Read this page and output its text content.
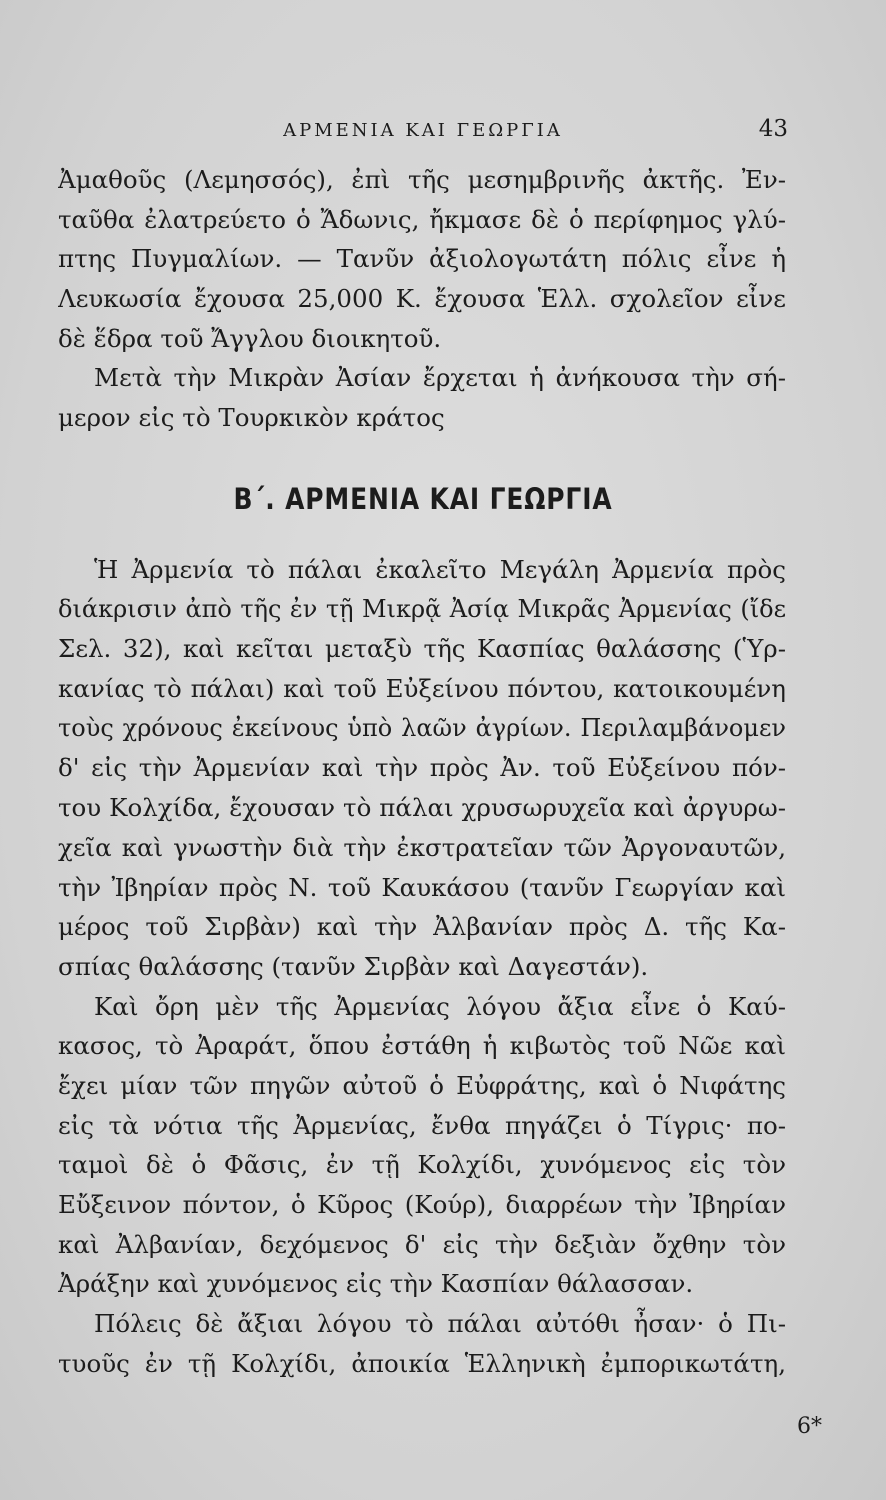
ΑΡΜΕΝΙΑ ΚΑΙ ΓΕΩΡΓΙΑ	43
Ἀμαθοῦς (Λεμησσός), ἐπὶ τῆς μεσημβρινῆς ἀκτῆς. Ἐν-
ταῦθα ἐλατρεύετο ὁ Ἄδωνις, ἤκμασε δὲ ὁ περίφημος γλύ-
πτης Πυγμαλίων. — Τανῦν ἀξιολογωτάτη πόλις εἶνε ἡ
Λευκωσία ἔχουσα 25,000 Κ. ἔχουσα Ἑλλ. σχολεῖον εἶνε
δὲ ἕδρα τοῦ Ἄγγλου διοικητοῦ.
Μετὰ τὴν Μικρὰν Ἀσίαν ἔρχεται ἡ ἀνήκουσα τὴν σή-
μερον εἰς τὸ Τουρκικὸν κράτος
Β΄. ΑΡΜΕΝΙΑ ΚΑΙ ΓΕΩΡΓΙΑ
Ἡ Ἀρμενία τὸ πάλαι ἐκαλεῖτο Μεγάλη Ἀρμενία πρὸς
διάκρισιν ἀπὸ τῆς ἐν τῇ Μικρᾷ Ἀσίᾳ Μικρᾶς Ἀρμενίας (ἴδε
Σελ. 32), καὶ κεῖται μεταξὺ τῆς Κασπίας θαλάσσης (Ὑρ-
κανίας τὸ πάλαι) καὶ τοῦ Εὐξείνου πόντου, κατοικουμένη
τοὺς χρόνους ἐκείνους ὑπὸ λαῶν ἀγρίων. Περιλαμβάνομεν
δ' εἰς τὴν Ἀρμενίαν καὶ τὴν πρὸς Ἀν. τοῦ Εὐξείνου πόν-
του Κολχίδα, ἔχουσαν τὸ πάλαι χρυσωρυχεῖα καὶ ἀργυρω-
χεῖα καὶ γνωστὴν διὰ τὴν ἐκστρατεῖαν τῶν Ἀργοναυτῶν,
τὴν Ἰβηρίαν πρὸς Ν. τοῦ Καυκάσου (τανῦν Γεωργίαν καὶ
μέρος τοῦ Σιρβὰν) καὶ τὴν Ἀλβανίαν πρὸς Δ. τῆς Κα-
σπίας θαλάσσης (τανῦν Σιρβὰν καὶ Δαγεστάν).
Καὶ ὄρη μὲν τῆς Ἀρμενίας λόγου ἄξια εἶνε ὁ Καύ-
κασος, τὸ Ἀραράτ, ὅπου ἐστάθη ἡ κιβωτὸς τοῦ Νῶε καὶ
ἔχει μίαν τῶν πηγῶν αὐτοῦ ὁ Εὐφράτης, καὶ ὁ Νιφάτης
εἰς τὰ νότια τῆς Ἀρμενίας, ἔνθα πηγάζει ὁ Τίγρις· πο-
ταμοὶ δὲ ὁ Φᾶσις, ἐν τῇ Κολχίδι, χυνόμενος εἰς τὸν
Εὔξεινον πόντον, ὁ Κῦρος (Κούρ), διαρρέων τὴν Ἰβηρίαν
καὶ Ἀλβανίαν, δεχόμενος δ' εἰς τὴν δεξιὰν ὄχθην τὸν
Ἀράξην καὶ χυνόμενος εἰς τὴν Κασπίαν θάλασσαν.
Πόλεις δὲ ἄξιαι λόγου τὸ πάλαι αὐτόθι ἦσαν· ὁ Πι-
τυοῦς ἐν τῇ Κολχίδι, ἀποικία Ἑλληνικὴ ἐμπορικωτάτη,
6*
